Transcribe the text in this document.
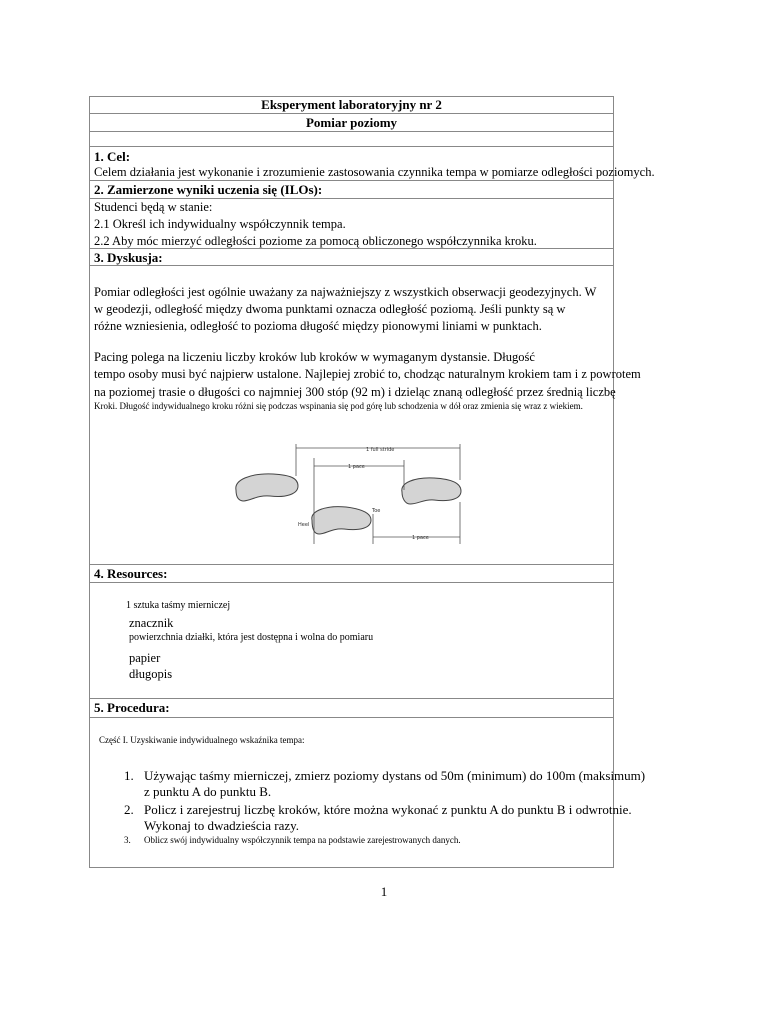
Eksperyment laboratoryjny nr 2
Pomiar poziomy
1. Cel:
Celem działania jest wykonanie i zrozumienie zastosowania czynnika tempa w pomiarze odległości poziomych.
2. Zamierzone wyniki uczenia się (ILOs):
Studenci będą w stanie:
2.1 Określ ich indywidualny współczynnik tempa.
2.2 Aby móc mierzyć odległości poziome za pomocą obliczonego współczynnika kroku.
3. Dyskusja:
Pomiar odległości jest ogólnie uważany za najważniejszy z wszystkich obserwacji geodezyjnych. W
w geodezji, odległość między dwoma punktami oznacza odległość poziomą. Jeśli punkty są w
różne wzniesienia, odległość to pozioma długość między pionowymi liniami w punktach.
Pacing polega na liczeniu liczby kroków lub kroków w wymaganym dystansie. Długość
tempo osoby musi być najpierw ustalone. Najlepiej zrobić to, chodząc naturalnym krokiem tam i z powrotem
na poziomej trasie o długości co najmniej 300 stóp (92 m) i dzieląc znaną odległość przez średnią liczbę
Kroki. Długość indywidualnego kroku różni się podczas wspinania się pod górę lub schodzenia w dół oraz zmienia się wraz z wiekiem.
1 full stride
1 pace
1 pace
Toe
Heel
4. Resources:
1 sztuka taśmy mierniczej
znacznik
powierzchnia działki, która jest dostępna i wolna do pomiaru
papier
długopis
5. Procedura:
Część I. Uzyskiwanie indywidualnego wskaźnika tempa:
1. Używając taśmy mierniczej, zmierz poziomy dystans od 50m (minimum) do 100m (maksimum)
z punktu A do punktu B.
2. Policz i zarejestruj liczbę kroków, które można wykonać z punktu A do punktu B i odwrotnie.
Wykonaj to dwadzieścia razy.
3. Oblicz swój indywidualny współczynnik tempa na podstawie zarejestrowanych danych.
1
